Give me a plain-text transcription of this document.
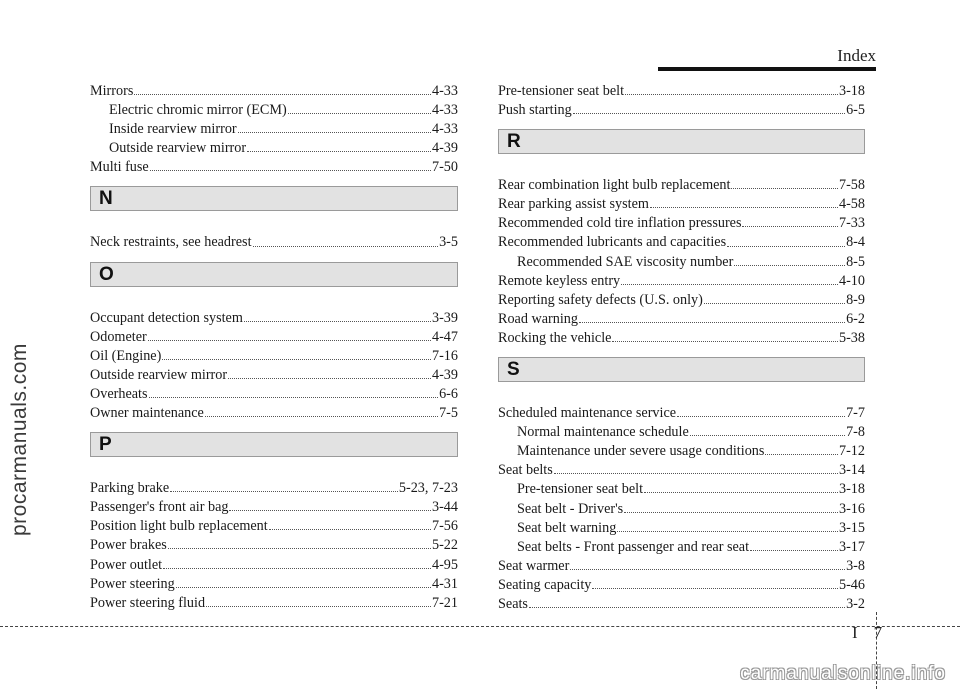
Index
procarmanuals.com
Mirrors	4-33
Electric chromic mirror (ECM)	4-33
Inside rearview mirror	4-33
Outside rearview mirror	4-39
Multi fuse	7-50
N
Neck restraints, see headrest	3-5
O
Occupant detection system	3-39
Odometer	4-47
Oil (Engine)	7-16
Outside rearview mirror	4-39
Overheats	6-6
Owner maintenance	7-5
P
Parking brake	5-23, 7-23
Passenger's front air bag	3-44
Position light bulb replacement	7-56
Power brakes	5-22
Power outlet	4-95
Power steering	4-31
Power steering fluid	7-21
Pre-tensioner seat belt	3-18
Push starting	6-5
R
Rear combination light bulb replacement	7-58
Rear parking assist system	4-58
Recommended cold tire inflation pressures	7-33
Recommended lubricants and capacities	8-4
Recommended SAE viscosity number	8-5
Remote keyless entry	4-10
Reporting safety defects (U.S. only)	8-9
Road warning	6-2
Rocking the vehicle	5-38
S
Scheduled maintenance service	7-7
Normal maintenance schedule	7-8
Maintenance under severe usage conditions	7-12
Seat belts	3-14
Pre-tensioner seat belt	3-18
Seat belt - Driver's	3-16
Seat belt warning	3-15
Seat belts - Front passenger and rear seat	3-17
Seat warmer	3-8
Seating capacity	5-46
Seats	3-2
I 7
carmanualsonline.info
